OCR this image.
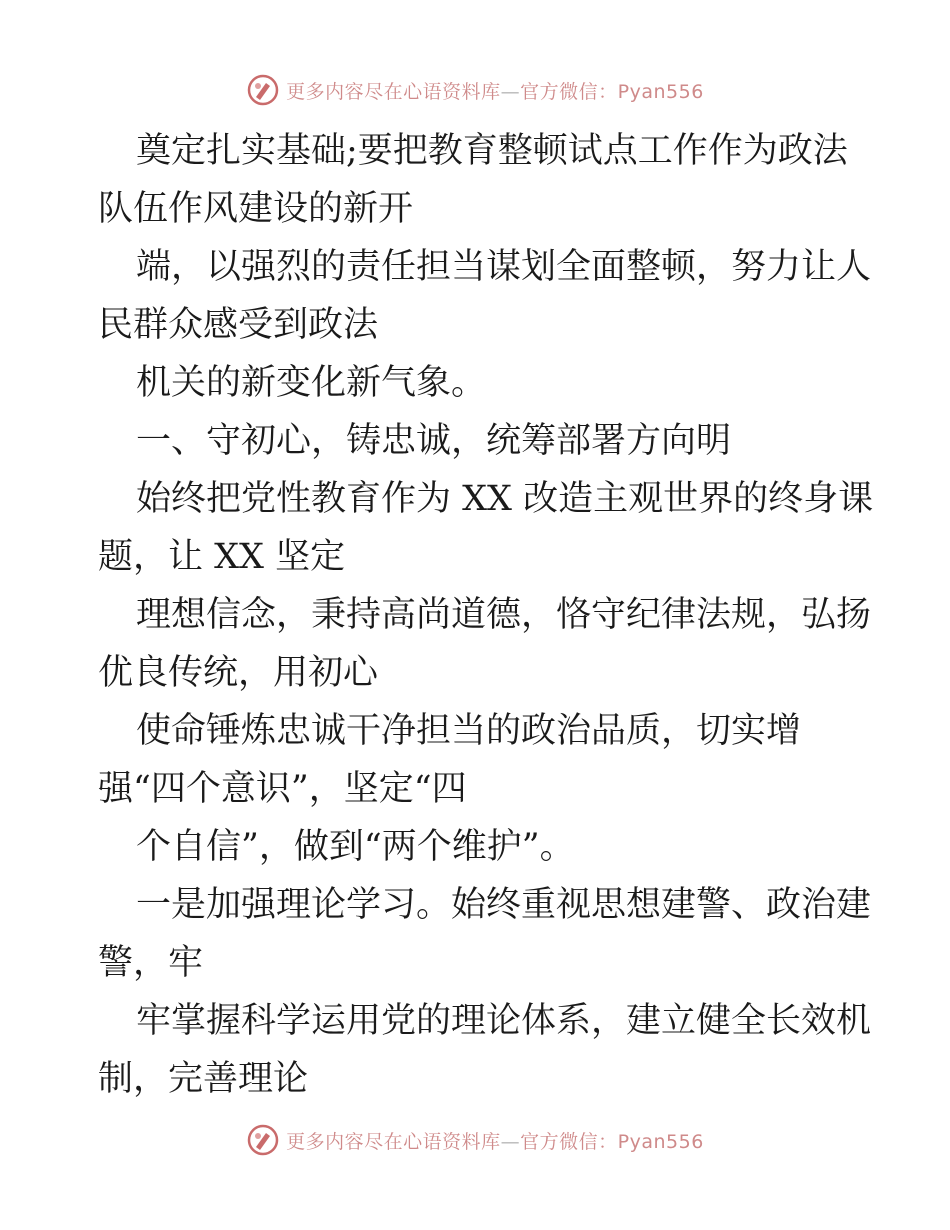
更多内容尽在心语资料库—官方微信：Pyan556
奠定扎实基础;要把教育整顿试点工作作为政法
队伍作风建设的新开
端，以强烈的责任担当谋划全面整顿，努力让人
民群众感受到政法
机关的新变化新气象。
一、守初心，铸忠诚，统筹部署方向明
始终把党性教育作为 XX 改造主观世界的终身课
题，让 XX 坚定
理想信念，秉持高尚道德，恪守纪律法规，弘扬
优良传统，用初心
使命锤炼忠诚干净担当的政治品质，切实增
强“四个意识”，坚定“四
个自信”，做到“两个维护”。
一是加强理论学习。始终重视思想建警、政治建
警，牢
牢掌握科学运用党的理论体系，建立健全长效机
制，完善理论
更多内容尽在心语资料库—官方微信：Pyan556
